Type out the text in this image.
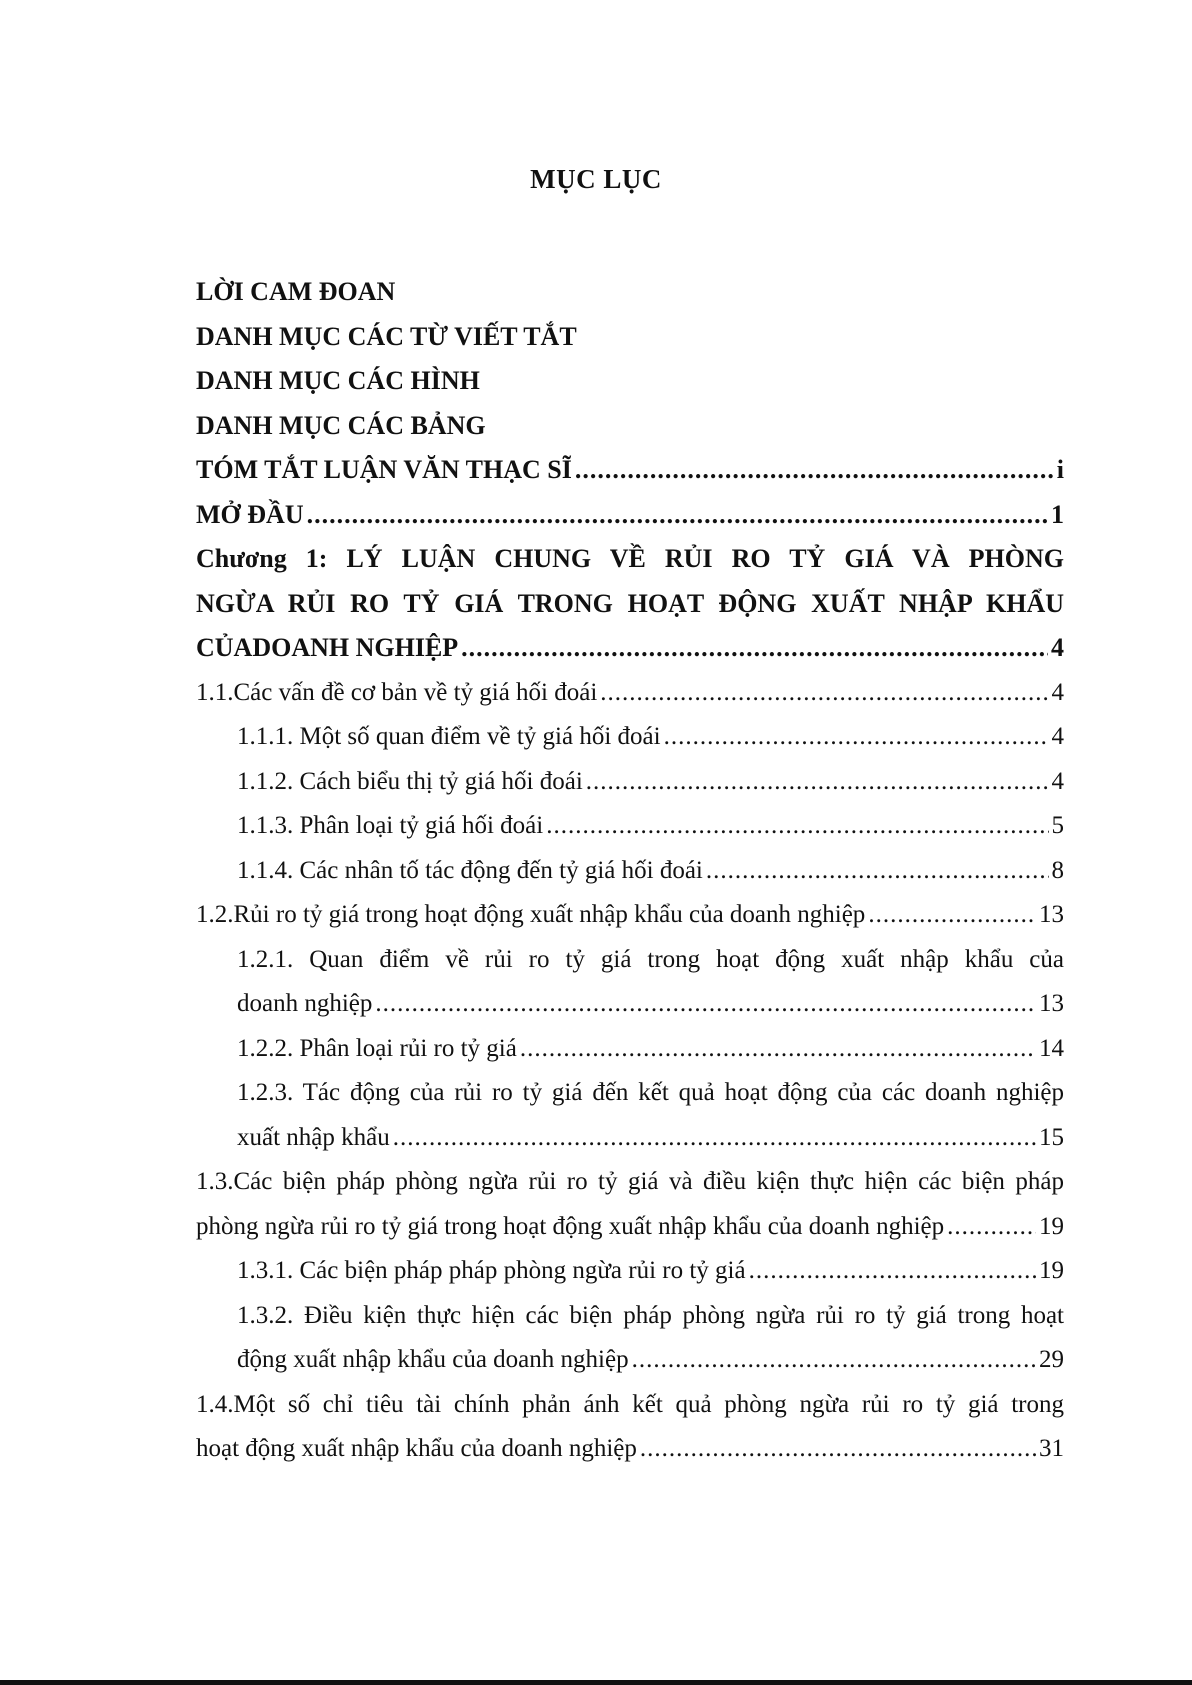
MỤC LỤC
LỜI CAM ĐOAN
DANH MỤC CÁC TỪ VIẾT TẮT
DANH MỤC CÁC HÌNH
DANH MỤC CÁC BẢNG
TÓM TẮT LUẬN VĂN THẠC SĨ .....	i
MỞ ĐẦU .....	1
Chương 1: LÝ LUẬN CHUNG VỀ RỦI RO TỶ GIÁ VÀ PHÒNG
NGỪA RỦI RO TỶ GIÁ TRONG HOẠT ĐỘNG XUẤT NHẬP KHẨU
CỦADOANH NGHIỆP .....	4
1.1.Các vấn đề cơ bản về tỷ giá hối đoái .....	4
1.1.1. Một số quan điểm về tỷ giá hối đoái .....	4
1.1.2. Cách biểu thị tỷ giá hối đoái .....	4
1.1.3. Phân loại tỷ giá hối đoái .....	5
1.1.4. Các nhân tố tác động đến tỷ giá hối đoái .....	8
1.2.Rủi ro tỷ giá trong hoạt động xuất nhập khẩu của doanh nghiệp .....	13
1.2.1. Quan điểm về rủi ro tỷ giá trong hoạt động xuất nhập khẩu của
doanh nghiệp .....	13
1.2.2. Phân loại rủi ro tỷ giá .....	14
1.2.3. Tác động của rủi ro tỷ giá đến kết quả hoạt động của các doanh nghiệp
xuất nhập khẩu .....	15
1.3.Các biện pháp phòng ngừa rủi ro tỷ giá và điều kiện thực hiện các biện pháp
phòng ngừa rủi ro tỷ giá trong hoạt động xuất nhập khẩu của doanh nghiệp .....	19
1.3.1. Các biện pháp pháp phòng ngừa rủi ro tỷ giá .....	19
1.3.2. Điều kiện thực hiện các biện pháp phòng ngừa rủi ro tỷ giá trong hoạt
động xuất nhập khẩu của doanh nghiệp .....	29
1.4.Một số chỉ tiêu tài chính phản ánh kết quả phòng ngừa rủi ro tỷ giá trong
hoạt động xuất nhập khẩu của doanh nghiệp .....	31
